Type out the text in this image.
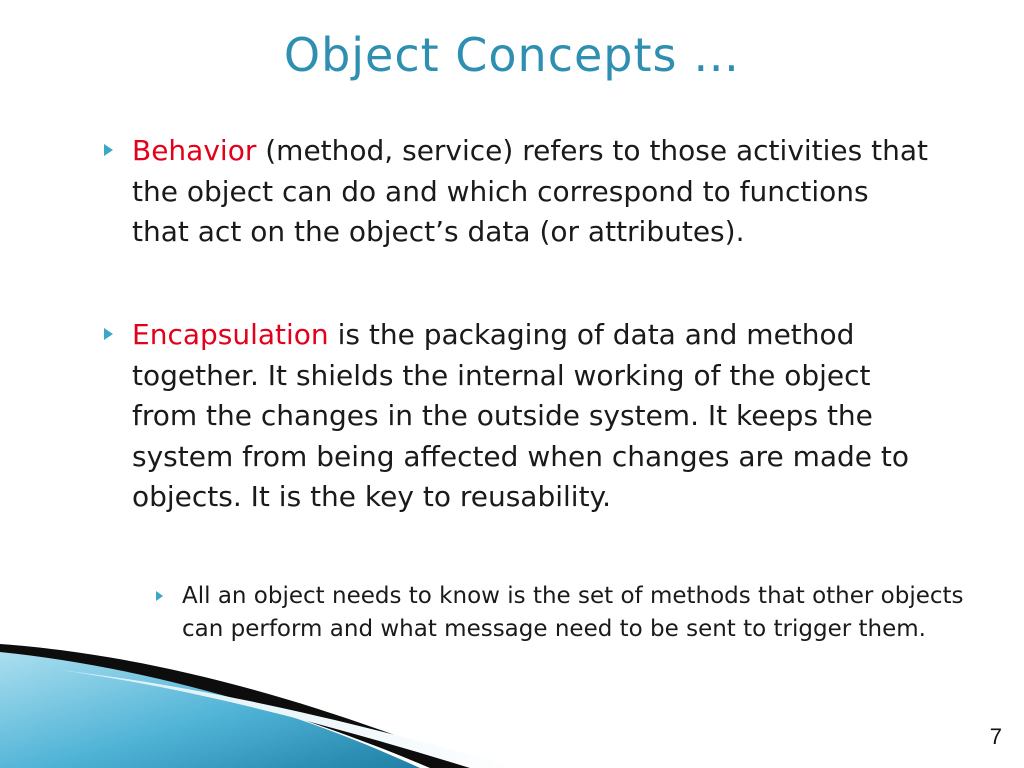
Object Concepts …
Behavior (method, service) refers to those activities that the object can do and which correspond to functions that act on the object’s data (or attributes).
Encapsulation is the packaging of data and method together. It shields the internal working of the object from the changes in the outside system. It keeps the system from being affected when changes are made to objects. It is the key to reusability.
All an object needs to know is the set of methods that other objects can perform and what message need to be sent to trigger them.
7
